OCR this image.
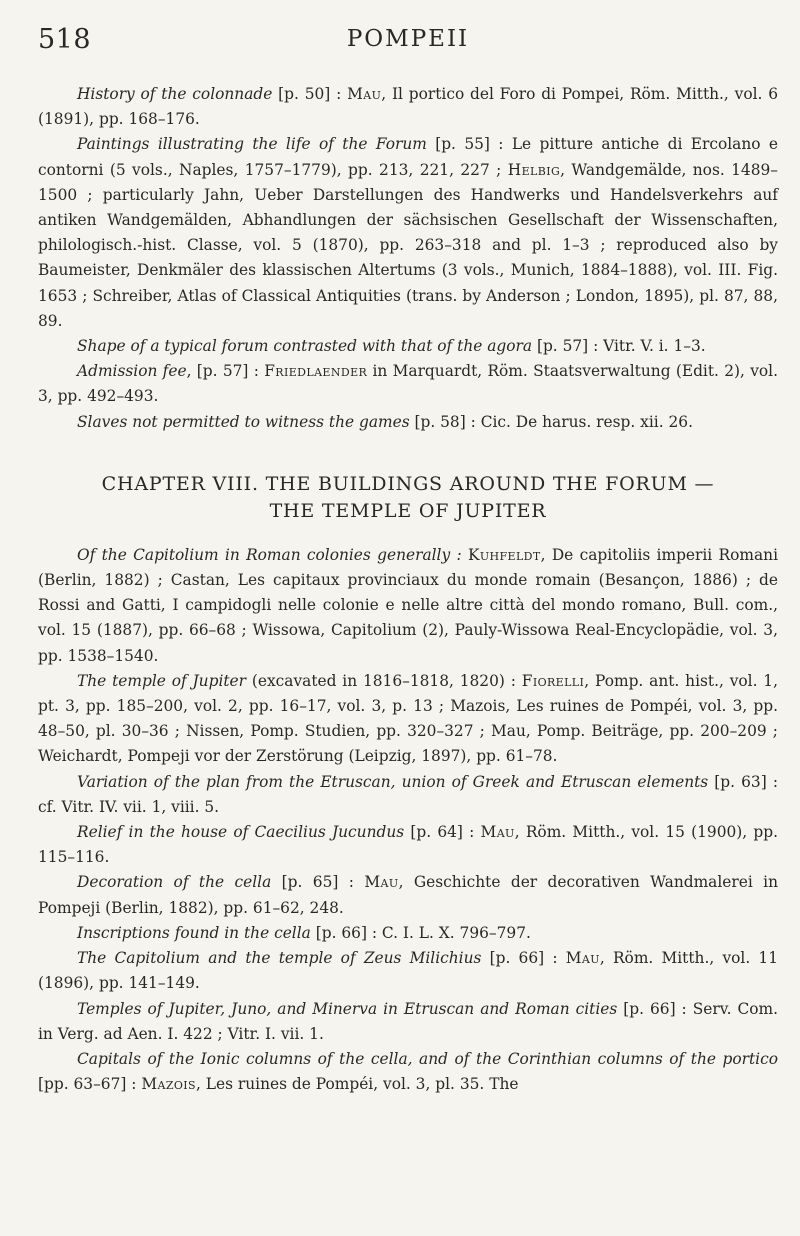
518	POMPEII

History of the colonnade [p. 50] : Mau, Il portico del Foro di Pompei, Röm. Mitth., vol. 6 (1891), pp. 168–176.

Paintings illustrating the life of the Forum [p. 55] : Le pitture antiche di Ercolano e contorni (5 vols., Naples, 1757–1779), pp. 213, 221, 227 ; Helbig, Wandgemälde, nos. 1489–1500 ; particularly Jahn, Ueber Darstellungen des Handwerks und Handelsverkehrs auf antiken Wandgemälden, Abhandlungen der sächsischen Gesellschaft der Wissenschaften, philologisch.-hist. Classe, vol. 5 (1870), pp. 263–318 and pl. 1–3 ; reproduced also by Baumeister, Denkmäler des klassischen Altertums (3 vols., Munich, 1884–1888), vol. III. Fig. 1653 ; Schreiber, Atlas of Classical Antiquities (trans. by Anderson ; London, 1895), pl. 87, 88, 89.

Shape of a typical forum contrasted with that of the agora [p. 57] : Vitr. V. i. 1–3.

Admission fee, [p. 57] : Friedlaender in Marquardt, Röm. Staatsverwaltung (Edit. 2), vol. 3, pp. 492–493.

Slaves not permitted to witness the games [p. 58] : Cic. De harus. resp. xii. 26.

CHAPTER VIII. THE BUILDINGS AROUND THE FORUM —
THE TEMPLE OF JUPITER

Of the Capitolium in Roman colonies generally : Kuhfeldt, De capitoliis imperii Romani (Berlin, 1882) ; Castan, Les capitaux provinciaux du monde romain (Besançon, 1886) ; de Rossi and Gatti, I campidogli nelle colonie e nelle altre città del mondo romano, Bull. com., vol. 15 (1887), pp. 66–68 ; Wissowa, Capitolium (2), Pauly-Wissowa Real-Encyclopädie, vol. 3, pp. 1538–1540.

The temple of Jupiter (excavated in 1816–1818, 1820) : Fiorelli, Pomp. ant. hist., vol. 1, pt. 3, pp. 185–200, vol. 2, pp. 16–17, vol. 3, p. 13 ; Mazois, Les ruines de Pompéi, vol. 3, pp. 48–50, pl. 30–36 ; Nissen, Pomp. Studien, pp. 320–327 ; Mau, Pomp. Beiträge, pp. 200–209 ; Weichardt, Pompeji vor der Zerstörung (Leipzig, 1897), pp. 61–78.

Variation of the plan from the Etruscan, union of Greek and Etruscan elements [p. 63] : cf. Vitr. IV. vii. 1, viii. 5.

Relief in the house of Caecilius Jucundus [p. 64] : Mau, Röm. Mitth., vol. 15 (1900), pp. 115–116.

Decoration of the cella [p. 65] : Mau, Geschichte der decorativen Wandmalerei in Pompeji (Berlin, 1882), pp. 61–62, 248.

Inscriptions found in the cella [p. 66] : C. I. L. X. 796–797.

The Capitolium and the temple of Zeus Milichius [p. 66] : Mau, Röm. Mitth., vol. 11 (1896), pp. 141–149.

Temples of Jupiter, Juno, and Minerva in Etruscan and Roman cities [p. 66] : Serv. Com. in Verg. ad Aen. I. 422 ; Vitr. I. vii. 1.

Capitals of the Ionic columns of the cella, and of the Corinthian columns of the portico [pp. 63–67] : Mazois, Les ruines de Pompéi, vol. 3, pl. 35. The
